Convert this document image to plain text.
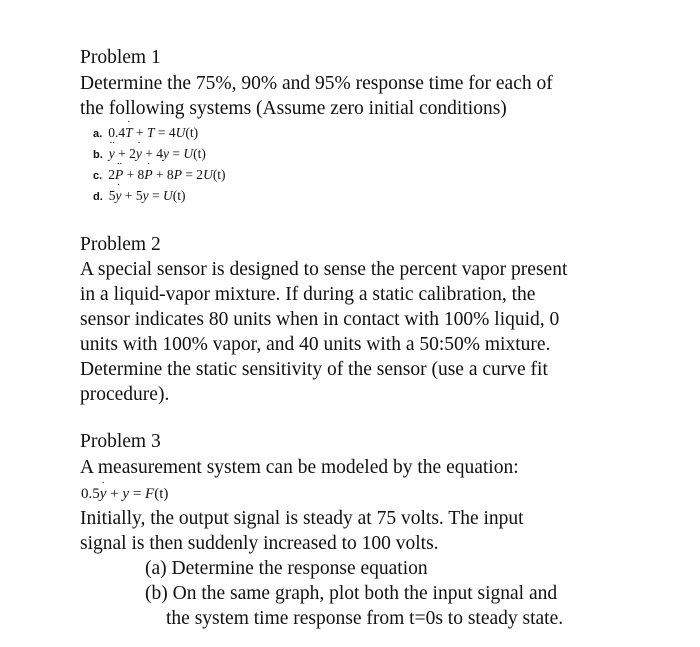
Problem 1
Determine the 75%, 90% and 95% response time for each of
the following systems (Assume zero initial conditions)
a. 0.4
·
T + T = 4U(t)
b.
··
y + 2
·
y + 4y = U(t)
c. 2
··
P + 8
·
P + 8P = 2U(t)
d. 5
·
y + 5y = U(t)
Problem 2
A special sensor is designed to sense the percent vapor present
in a liquid-vapor mixture. If during a static calibration, the
sensor indicates 80 units when in contact with 100% liquid, 0
units with 100% vapor, and 40 units with a 50:50% mixture.
Determine the static sensitivity of the sensor (use a curve fit
procedure).
Problem 3
A measurement system can be modeled by the equation:
0.5
·
y + y = F(t)
Initially, the output signal is steady at 75 volts. The input
signal is then suddenly increased to 100 volts.
(a) Determine the response equation
(b) On the same graph, plot both the input signal and
the system time response from t=0s to steady state.
